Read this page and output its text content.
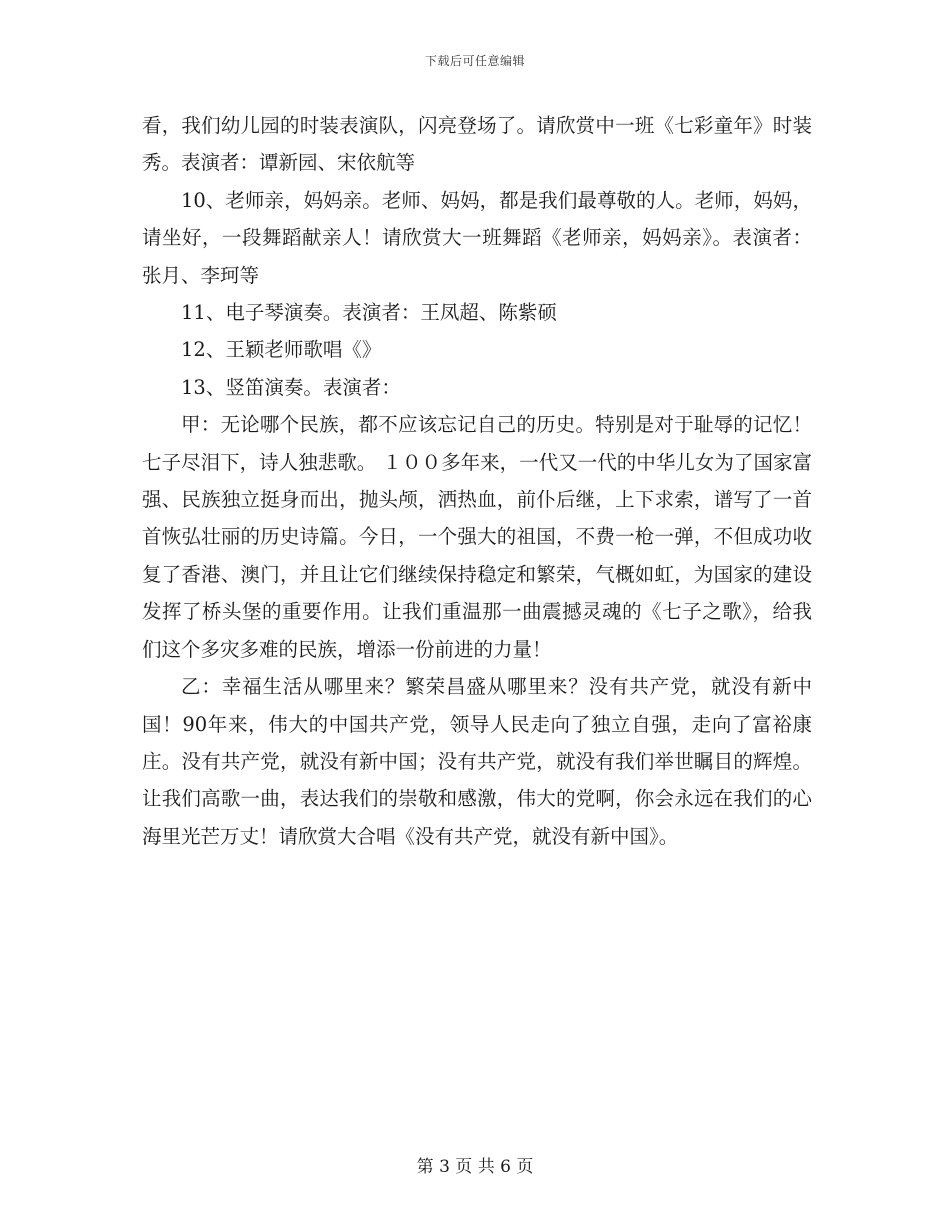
下载后可任意编辑

看，我们幼儿园的时装表演队，闪亮登场了。请欣赏中一班《七彩童年》时装秀。表演者：谭新园、宋依航等

10、老师亲，妈妈亲。老师、妈妈，都是我们最尊敬的人。老师，妈妈，请坐好，一段舞蹈献亲人！请欣赏大一班舞蹈《老师亲，妈妈亲》。表演者：张月、李珂等

11、电子琴演奏。表演者：王凤超、陈紫硕

12、王颖老师歌唱《》

13、竖笛演奏。表演者：

甲：无论哪个民族，都不应该忘记自己的历史。特别是对于耻辱的记忆！七子尽泪下，诗人独悲歌。 １００多年来，一代又一代的中华儿女为了国家富强、民族独立挺身而出，抛头颅，洒热血，前仆后继，上下求索，谱写了一首首恢弘壮丽的历史诗篇。今日，一个强大的祖国，不费一枪一弹，不但成功收复了香港、澳门，并且让它们继续保持稳定和繁荣，气概如虹，为国家的建设发挥了桥头堡的重要作用。让我们重温那一曲震撼灵魂的《七子之歌》，给我们这个多灾多难的民族，增添一份前进的力量！

乙：幸福生活从哪里来？繁荣昌盛从哪里来？没有共产党，就没有新中国！90年来，伟大的中国共产党，领导人民走向了独立自强，走向了富裕康庄。没有共产党，就没有新中国；没有共产党，就没有我们举世瞩目的辉煌。让我们高歌一曲，表达我们的崇敬和感激，伟大的党啊，你会永远在我们的心海里光芒万丈！请欣赏大合唱《没有共产党，就没有新中国》。

第 3 页 共 6 页
